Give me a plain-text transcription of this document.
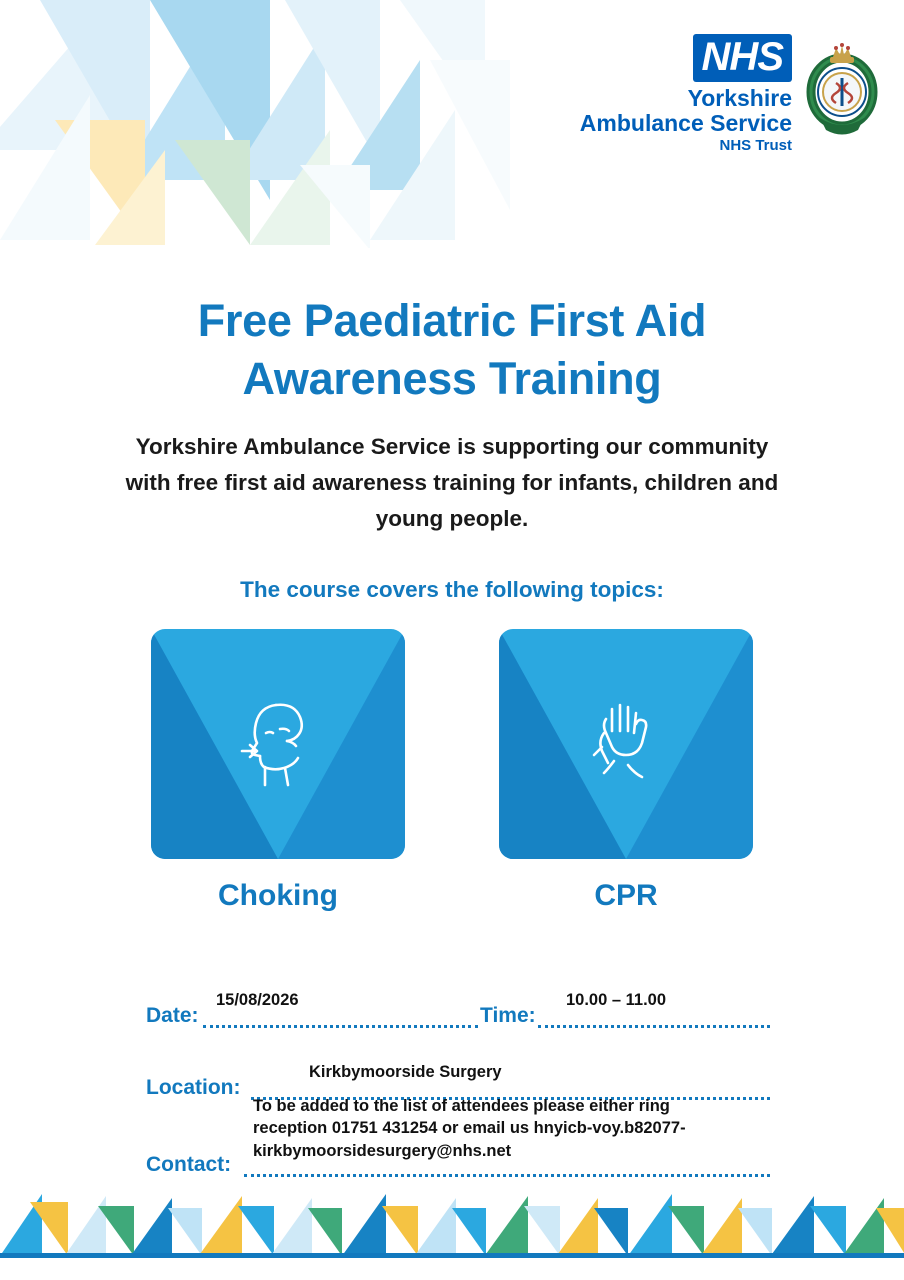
NHS
Yorkshire
Ambulance Service
NHS Trust
Free Paediatric First Aid Awareness Training
Yorkshire Ambulance Service is supporting our community with free first aid awareness training for infants, children and young people.
The course covers the following topics:
Choking	CPR
Date:
15/08/2026
Time:
10.00 – 11.00
Location:
Kirkbymoorside Surgery
Contact:
To be added to the list of attendees please either ring reception 01751 431254 or email us hnyicb-voy.b82077-kirkbymoorsidesurgery@nhs.net
